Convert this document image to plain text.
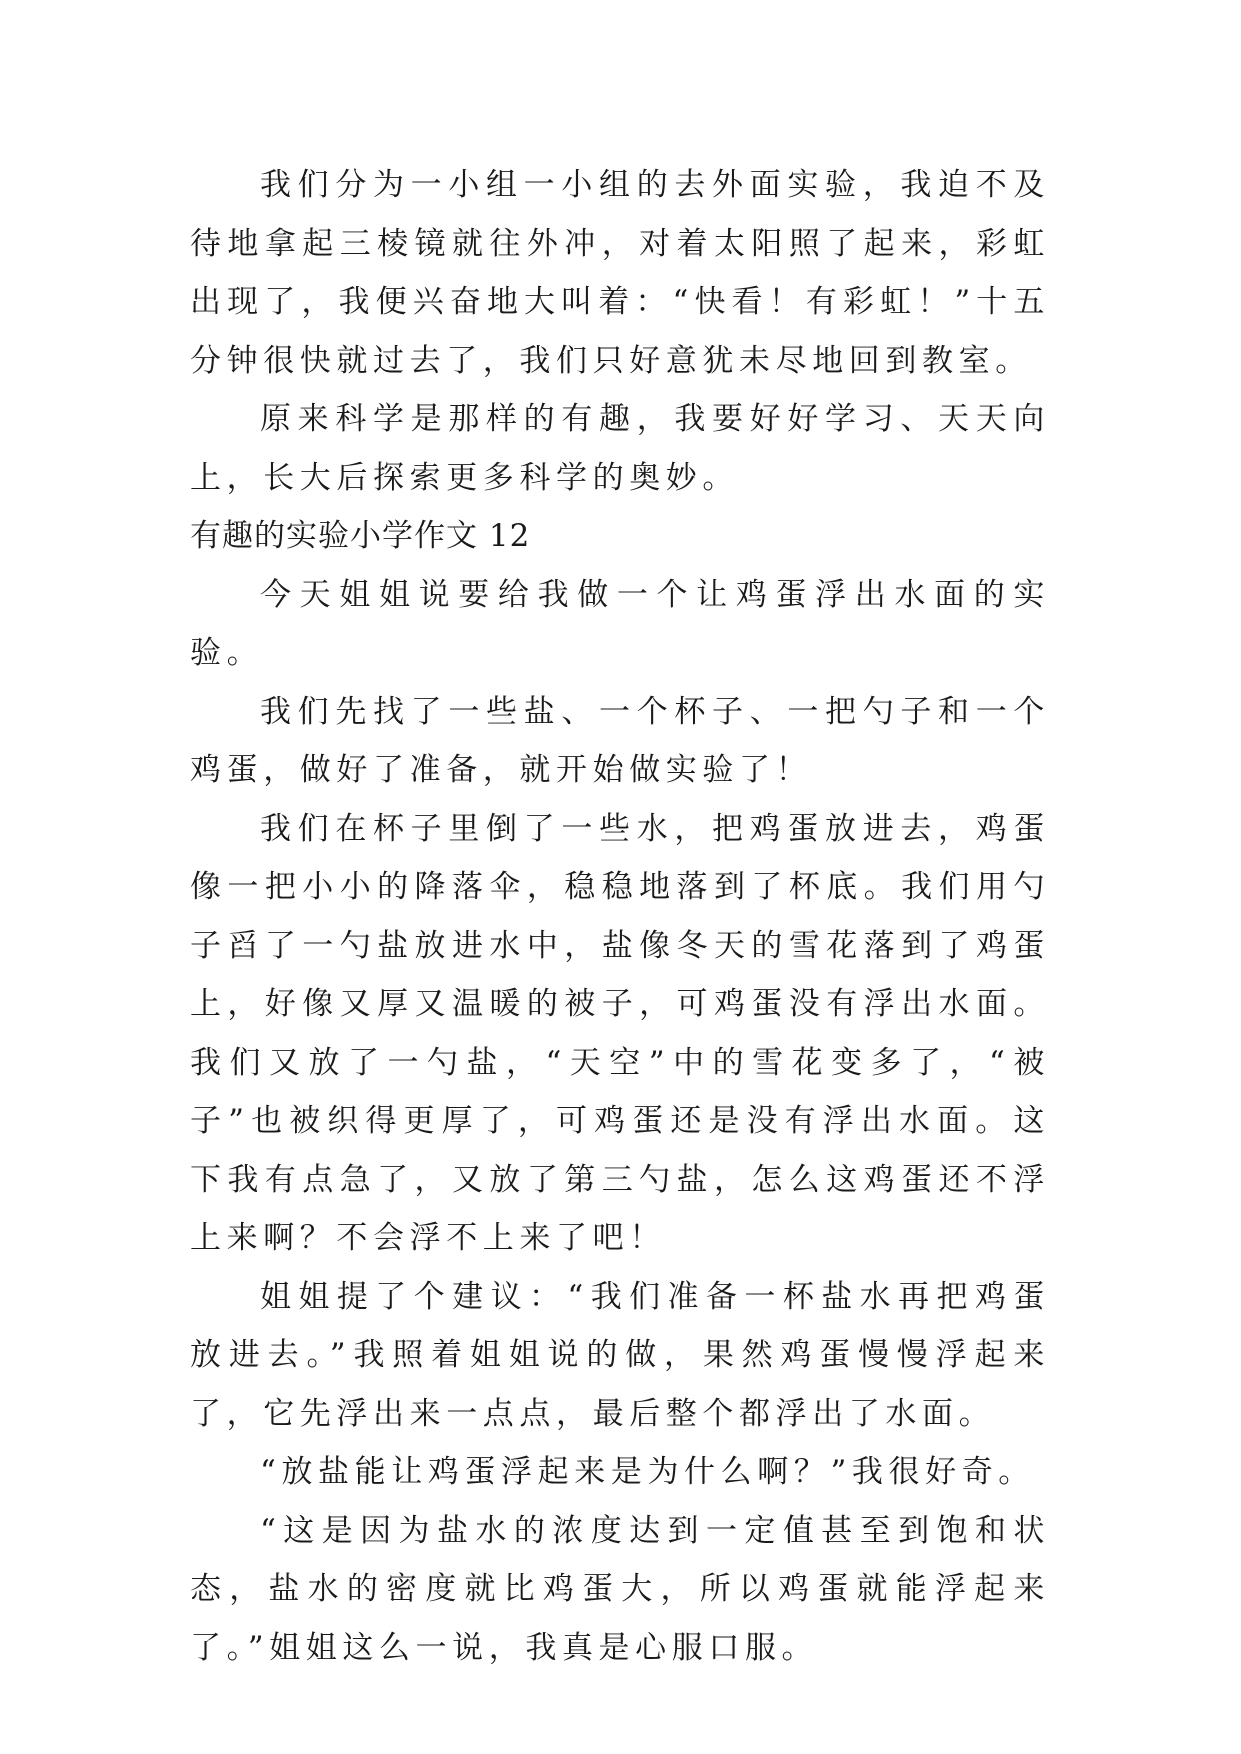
我们分为一小组一小组的去外面实验，我迫不及待地拿起三棱镜就往外冲，对着太阳照了起来，彩虹出现了，我便兴奋地大叫着：“快看！有彩虹！”十五分钟很快就过去了，我们只好意犹未尽地回到教室。

原来科学是那样的有趣，我要好好学习、天天向上，长大后探索更多科学的奥妙。

有趣的实验小学作文 12

今天姐姐说要给我做一个让鸡蛋浮出水面的实验。

我们先找了一些盐、一个杯子、一把勺子和一个鸡蛋，做好了准备，就开始做实验了！

我们在杯子里倒了一些水，把鸡蛋放进去，鸡蛋像一把小小的降落伞，稳稳地落到了杯底。我们用勺子舀了一勺盐放进水中，盐像冬天的雪花落到了鸡蛋上，好像又厚又温暖的被子，可鸡蛋没有浮出水面。我们又放了一勺盐，“天空”中的雪花变多了，“被子”也被织得更厚了，可鸡蛋还是没有浮出水面。这下我有点急了，又放了第三勺盐，怎么这鸡蛋还不浮上来啊？不会浮不上来了吧！

姐姐提了个建议：“我们准备一杯盐水再把鸡蛋放进去。”我照着姐姐说的做，果然鸡蛋慢慢浮起来了，它先浮出来一点点，最后整个都浮出了水面。

“放盐能让鸡蛋浮起来是为什么啊？”我很好奇。

“这是因为盐水的浓度达到一定值甚至到饱和状态，盐水的密度就比鸡蛋大，所以鸡蛋就能浮起来了。”姐姐这么一说，我真是心服口服。
